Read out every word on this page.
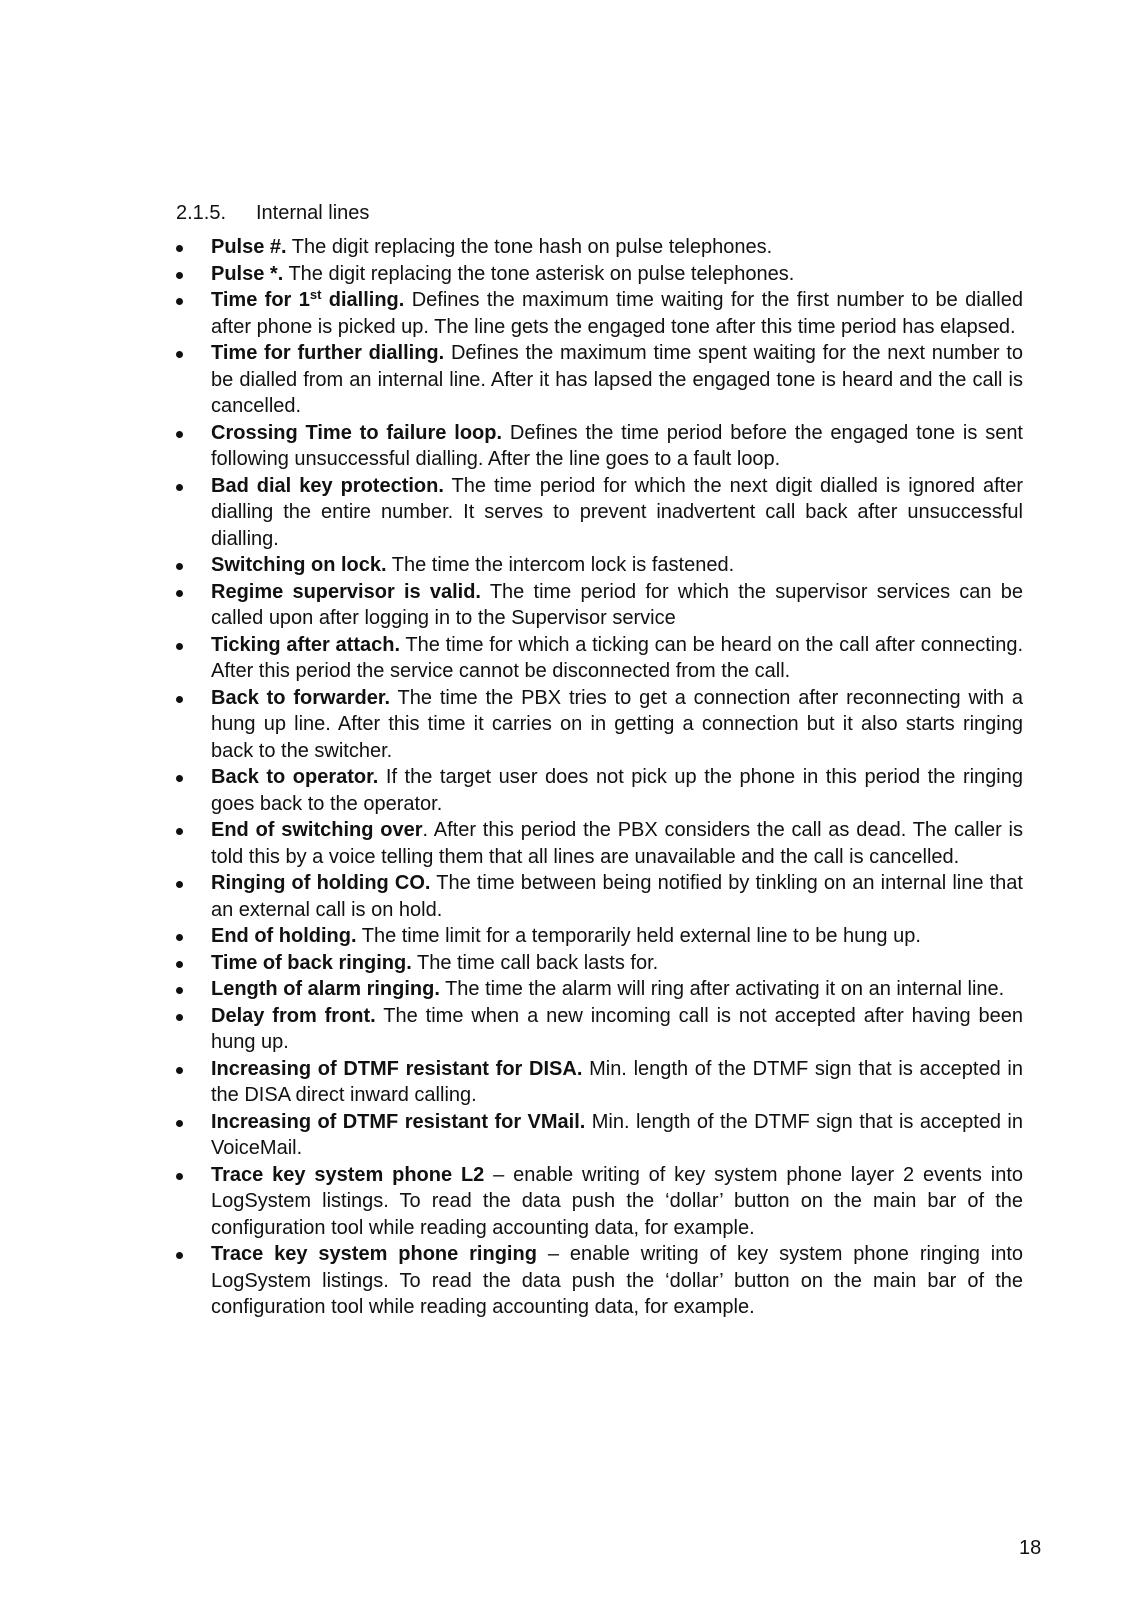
2.1.5. Internal lines
Pulse #. The digit replacing the tone hash on pulse telephones.
Pulse *. The digit replacing the tone asterisk on pulse telephones.
Time for 1st dialling. Defines the maximum time waiting for the first number to be dialled after phone is picked up. The line gets the engaged tone after this time period has elapsed.
Time for further dialling. Defines the maximum time spent waiting for the next number to be dialled from an internal line. After it has lapsed the engaged tone is heard and the call is cancelled.
Crossing Time to failure loop. Defines the time period before the engaged tone is sent following unsuccessful dialling. After the line goes to a fault loop.
Bad dial key protection. The time period for which the next digit dialled is ignored after dialling the entire number. It serves to prevent inadvertent call back after unsuccessful dialling.
Switching on lock. The time the intercom lock is fastened.
Regime supervisor is valid. The time period for which the supervisor services can be called upon after logging in to the Supervisor service
Ticking after attach. The time for which a ticking can be heard on the call after connecting. After this period the service cannot be disconnected from the call.
Back to forwarder. The time the PBX tries to get a connection after reconnecting with a hung up line. After this time it carries on in getting a connection but it also starts ringing back to the switcher.
Back to operator. If the target user does not pick up the phone in this period the ringing goes back to the operator.
End of switching over. After this period the PBX considers the call as dead. The caller is told this by a voice telling them that all lines are unavailable and the call is cancelled.
Ringing of holding CO. The time between being notified by tinkling on an internal line that an external call is on hold.
End of holding. The time limit for a temporarily held external line to be hung up.
Time of back ringing. The time call back lasts for.
Length of alarm ringing. The time the alarm will ring after activating it on an internal line.
Delay from front. The time when a new incoming call is not accepted after having been hung up.
Increasing of DTMF resistant for DISA. Min. length of the DTMF sign that is accepted in the DISA direct inward calling.
Increasing of DTMF resistant for VMail. Min. length of the DTMF sign that is accepted in VoiceMail.
Trace key system phone L2 – enable writing of key system phone layer 2 events into LogSystem listings. To read the data push the ‘dollar’ button on the main bar of the configuration tool while reading accounting data, for example.
Trace key system phone ringing – enable writing of key system phone ringing into LogSystem listings. To read the data push the ‘dollar’ button on the main bar of the configuration tool while reading accounting data, for example.
18
